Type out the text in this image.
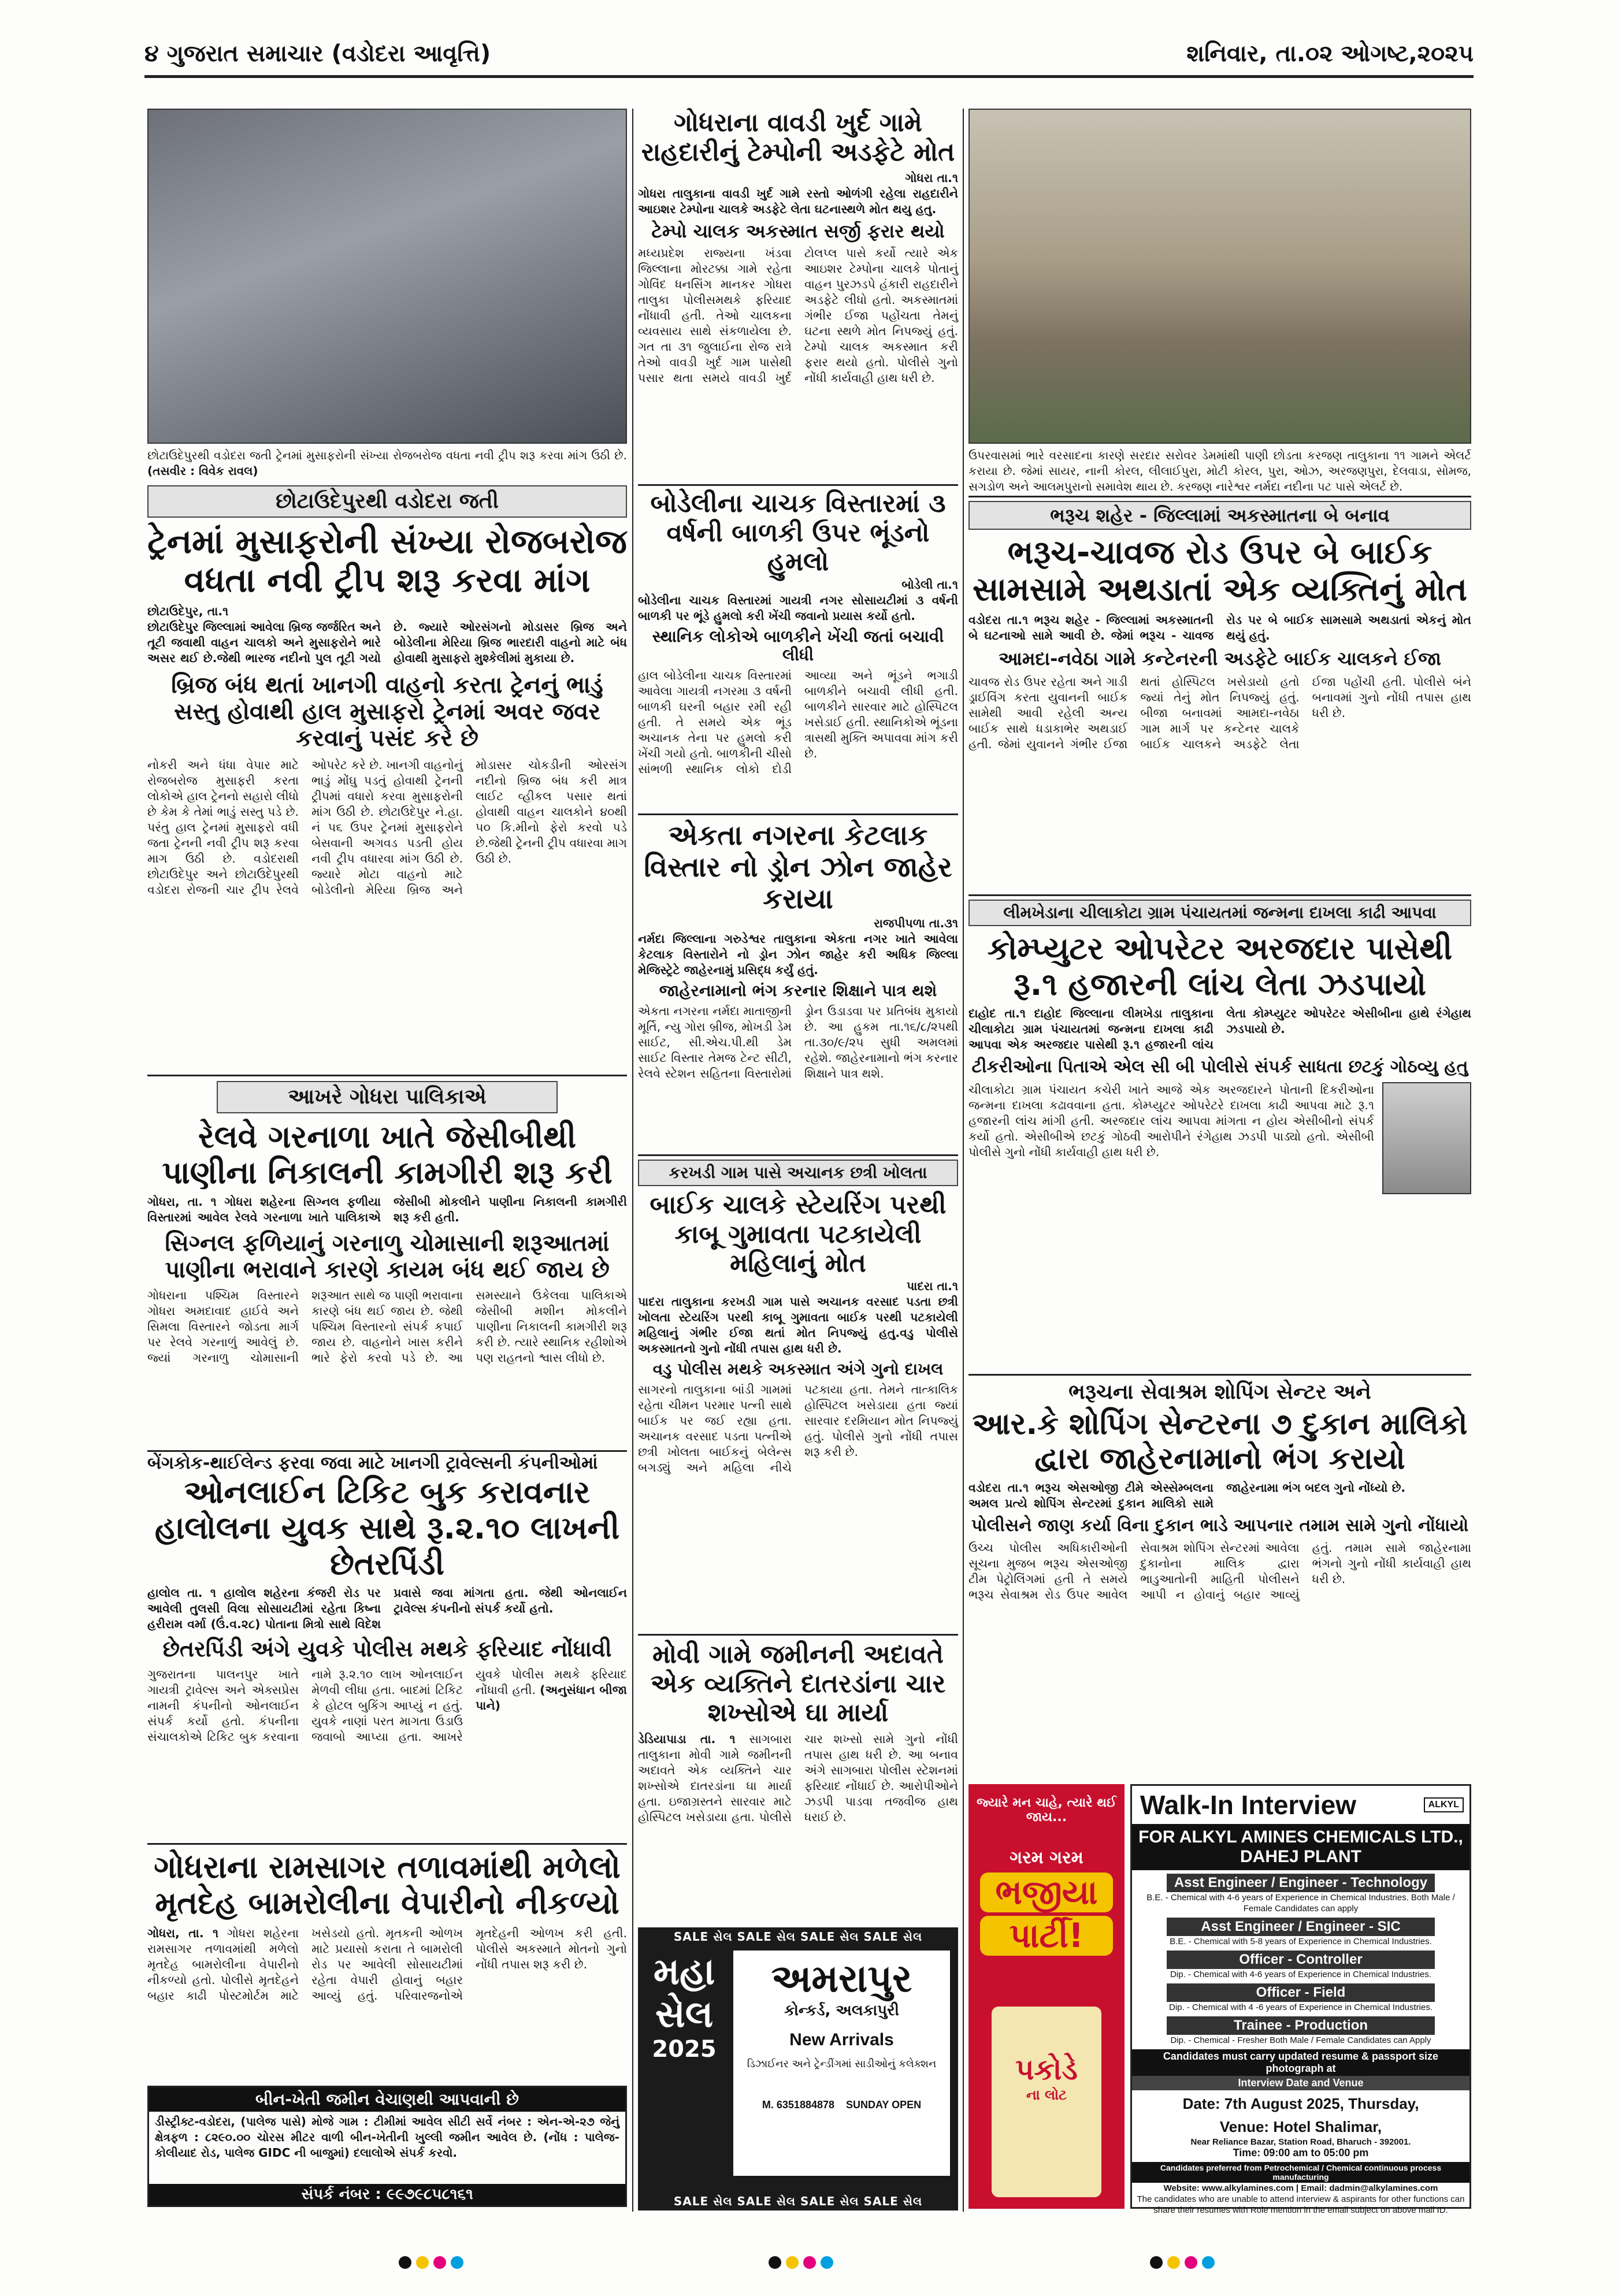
૪ ગુજરાત સમાચાર (વડોદરા આવૃત્તિ)	શનિવાર, તા.૦૨ ઓગષ્ટ,૨૦૨૫
છોટાઉદેપુરથી વડોદરા જતી ટ્રેનમાં મુસાફરોની સંખ્યા રોજબરોજ વધતા નવી ટ્રીપ શરૂ કરવા માંગ ઉઠી છે. (તસવીર : વિવેક રાવલ)
છોટાઉદેપુરથી વડોદરા જતી
ટ્રેનમાં મુસાફરોની સંખ્યા રોજબરોજ વધતા નવી ટ્રીપ શરૂ કરવા માંગ
છોટાઉદેપુર, તા.૧
છોટાઉદેપુર જિલ્લામાં આવેલા બ્રિજ જર્જરિત અને તૂટી જવાથી વાહન ચાલકો અને મુસાફરોને ભારે અસર થઈ છે.જેથી ભારજ નદીનો પુલ તૂટી ગયો છે. જ્યારે ઓરસંગનો મોડાસર બ્રિજ અને બોડેલીના મેરિયા બ્રિજ ભારદારી વાહનો માટે બંધ હોવાથી મુસાફરો મુશ્કેલીમાં મુકાયા છે.
બ્રિજ બંધ થતાં ખાનગી વાહનો કરતા ટ્રેનનું ભાડું સસ્તુ હોવાથી હાલ મુસાફરો ટ્રેનમાં અવર જવર કરવાનું પસંદ કરે છે
નોકરી અને ધંધા વેપાર માટે રોજબરોજ મુસાફરી કરતા લોકોએ હાલ ટ્રેનનો સહારો લીધો છે કેમ કે તેમાં ભાડું સસ્તુ પડે છે. પરંતુ હાલ ટ્રેનમાં મુસાફરો વધી જતા ટ્રેનની નવી ટ્રીપ શરૂ કરવા માગ ઉઠી છે. વડોદરાથી છોટાઉદેપુર અને છોટાઉદેપુરથી વડોદરા રોજની ચાર ટ્રીપ રેલવે ઓપરેટ કરે છે. ખાનગી વાહનોનું ભાડું મોંઘુ પડતું હોવાથી ટ્રેનની ટ્રીપમાં વધારો કરવા મુસાફરોની માંગ ઉઠી છે. છોટાઉદેપુર ને.હા. નં ૫૬ ઉપર ટ્રેનમાં મુસાફરોને બેસવાની અગવડ પડતી હોય નવી ટ્રીપ વધારવા માંગ ઉઠી છે. જ્યારે મોટા વાહનો માટે બોડેલીનો મેરિયા બ્રિજ અને મોડાસર ચોકડીની ઓરસંગ નદીનો બ્રિજ બંધ કરી માત્ર લાઈટ વ્હીકલ પસાર થતાં હોવાથી વાહન ચાલકોને ૪૦થી ૫૦ કિ.મીનો ફેરો કરવો પડે છે.જેથી ટ્રેનની ટ્રીપ વધારવા માગ ઉઠી છે.
આખરે ગોધરા પાલિકાએ
રેલવે ગરનાળા ખાતે જેસીબીથી પાણીના નિકાલની કામગીરી શરૂ કરી
ગોધરા, તા. ૧ ગોધરા શહેરના સિગ્નલ ફળીયા વિસ્તારમાં આવેલ રેલવે ગરનાળા ખાતે પાલિકાએ જેસીબી મોકલીને પાણીના નિકાલની કામગીરી શરૂ કરી હતી.
સિગ્નલ ફળિયાનું ગરનાળુ ચોમાસાની શરૂઆતમાં પાણીના ભરાવાને કારણે કાયમ બંધ થઈ જાય છે
ગોધરાના પશ્ચિમ વિસ્તારને ગોધરા અમદાવાદ હાઈવે અને સિમલા વિસ્તારને જોડતા માર્ગ પર રેલવે ગરનાળું આવેલું છે. જ્યાં ગરનાળુ ચોમાસાની શરૂઆત સાથે જ પાણી ભરાવાના કારણે બંધ થઈ જાય છે. જેથી પશ્ચિમ વિસ્તારનો સંપર્ક કપાઈ જાય છે. વાહનોને ખાસ કરીને ભારે ફેરો કરવો પડે છે. આ સમસ્યાને ઉકેલવા પાલિકાએ જેસીબી મશીન મોકલીને પાણીના નિકાલની કામગીરી શરૂ કરી છે. ત્યારે સ્થાનિક રહીશોએ પણ રાહતનો શ્વાસ લીધો છે.
બેંગકોક-થાઈલેન્ડ ફરવા જવા માટે ખાનગી ટ્રાવેલ્સની કંપનીઓમાં
ઓનલાઈન ટિકિટ બુક કરાવનાર હાલોલના યુવક સાથે રૂ.૨.૧૦ લાખની છેતરપિંડી
હાલોલ તા. ૧ હાલોલ શહેરના કંજરી રોડ પર આવેલી તુલસી વિલા સોસાયટીમાં રહેતા કિષ્ના હરીરામ વર્મા (ઉં.વ.૨૮) પોતાના મિત્રો સાથે વિદેશ પ્રવાસે જવા માંગતા હતા. જેથી ઓનલાઈન ટ્રાવેલ્સ કંપનીનો સંપર્ક કર્યો હતો.
છેતરપિંડી અંગે યુવકે પોલીસ મથકે ફરિયાદ નોંધાવી
ગુજરાતના પાલનપુર ખાતે ગાયત્રી ટ્રાવેલ્સ અને એક્સપ્રેસ નામની કંપનીનો ઓનલાઈન સંપર્ક કર્યો હતો. કંપનીના સંચાલકોએ ટિકિટ બુક કરવાના નામે રૂ.૨.૧૦ લાખ ઓનલાઈન મેળવી લીધા હતા. બાદમાં ટિકિટ કે હોટલ બુકિંગ આપ્યું ન હતું. યુવકે નાણાં પરત માગતા ઉડાઉ જવાબો આપ્યા હતા. આખરે યુવકે પોલીસ મથકે ફરિયાદ નોંધાવી હતી. (અનુસંધાન બીજા પાને)
ગોધરાના રામસાગર તળાવમાંથી મળેલો મૃતદેહ બામરોલીના વેપારીનો નીકળ્યો
ગોધરા, તા. ૧ ગોધરા શહેરના રામસાગર તળાવમાંથી મળેલો મૃતદેહ બામરોલીના વેપારીનો નીકળ્યો હતો. પોલીસે મૃતદેહને બહાર કાઢી પોસ્ટમોર્ટમ માટે ખસેડયો હતો. મૃતકની ઓળખ માટે પ્રયાસો કરાતા તે બામરોલી રોડ પર આવેલી સોસાયટીમાં રહેતા વેપારી હોવાનું બહાર આવ્યું હતું. પરિવારજનોએ મૃતદેહની ઓળખ કરી હતી. પોલીસે અકસ્માતે મોતનો ગુનો નોંધી તપાસ શરૂ કરી છે.
બીન-ખેતી જમીન વેચાણથી આપવાની છે
ડીસ્ટ્રીક્ટ-વડોદરા, (પાલેજ પાસે) મોજે ગામ : ટીમીમાં આવેલ સીટી સર્વે નંબર : એન-એ-૨૭ જેનું ક્ષેત્રફળ : ૮૨૯૦.૦૦ ચોરસ મીટર વાળી બીન-ખેતીની ખુલ્લી જમીન આવેલ છે. (નોંધ : પાલેજ-કોલીયાદ રોડ, પાલેજ GIDC ની બાજુમાં) દલાલોએ સંપર્ક કરવો.
સંપર્ક નંબર : ૯૯૭૯૮૫૮૧૬૧
ગોધરાના વાવડી ખુર્દ ગામે રાહદારીનું ટેમ્પોની અડફેટે મોત
ગોધરા તા.૧
ગોધરા તાલુકાના વાવડી ખુર્દ ગામે રસ્તો ઓળંગી રહેલા રાહદારીને આઇશર ટેમ્પોના ચાલકે અડફેટે લેતા ઘટનાસ્થળે મોત થયુ હતુ.
ટેમ્પો ચાલક અકસ્માત સર્જી ફરાર થયો
મધ્યપ્રદેશ રાજ્યના ખંડવા જિલ્લાના મોરટક્કા ગામે રહેતા ગોવિંદ ધનસિંગ માનકર ગોધરા તાલુકા પોલીસમથકે ફરિયાદ નોંધાવી હતી. તેઓ ચાલકના વ્યવસાય સાથે સંકળાયેલા છે. ગત તા ૩૧ જુલાઈના રોજ રાત્રે તેઓ વાવડી ખુર્દ ગામ પાસેથી પસાર થતા સમયે વાવડી ખુર્દ ટોલપ્લ પાસે કર્યો ત્યારે એક આઇશર ટેમ્પોના ચાલકે પોતાનું વાહન પુરઝડપે હંકારી રાહદારીને અડફેટે લીધો હતો. અકસ્માતમાં ગંભીર ઈજા પહોંચતા તેમનું ઘટના સ્થળે મોત નિપજ્યું હતું. ટેમ્પો ચાલક અકસ્માત કરી ફરાર થયો હતો. પોલીસે ગુનો નોંધી કાર્યવાહી હાથ ધરી છે.
બોડેલીના ચાચક વિસ્તારમાં ૩ વર્ષની બાળકી ઉપર ભૂંડનો હુમલો
બોડેલી તા.૧
બોડેલીના ચાચક વિસ્તારમાં ગાયત્રી નગર સોસાયટીમાં ૩ વર્ષની બાળકી પર ભૂંડે હુમલો કરી ખેંચી જવાનો પ્રયાસ કર્યો હતો.
સ્થાનિક લોકોએ બાળકીને ખેંચી જતાં બચાવી લીધી
હાલ બોડેલીના ચાચક વિસ્તારમાં આવેલા ગાયત્રી નગરમા ૩ વર્ષની બાળકી ઘરની બહાર રમી રહી હતી. તે સમયે એક ભૂંડ અચાનક તેના પર હુમલો કરી ખેંચી ગયો હતો. બાળકીની ચીસો સાંભળી સ્થાનિક લોકો દોડી આવ્યા અને ભૂંડને ભગાડી બાળકીને બચાવી લીધી હતી. બાળકીને સારવાર માટે હોસ્પિટલ ખસેડાઈ હતી. સ્થાનિકોએ ભૂંડના ત્રાસથી મુક્તિ અપાવવા માંગ કરી છે.
એકતા નગરના કેટલાક વિસ્તાર નો ડ્રોન ઝોન જાહેર કરાયા
રાજપીપળા તા.૩૧
નર્મદા જિલ્લાના ગરુડેશ્વર તાલુકાના એકતા નગર ખાતે આવેલા કેટલાક વિસ્તારોને નો ડ્રોન ઝોન જાહેર કરી અધિક જિલ્લા મેજિસ્ટ્રેટે જાહેરનામું પ્રસિદ્ધ કર્યું હતું.
જાહેરનામાનો ભંગ કરનાર શિક્ષાને પાત્ર થશે
એકતા નગરના નર્મદા માતાજીની મૂર્તિ, ન્યુ ગોરા બ્રીજ, મોખડી ડેમ સાઈટ, સી.એચ.પી.થી ડેમ સાઈટ વિસ્તાર તેમજ ટેન્ટ સીટી, રેલવે સ્ટેશન સહિતના વિસ્તારોમાં ડ્રોન ઉડાડવા પર પ્રતિબંધ મુકાયો છે. આ હુકમ તા.૧૬/૮/૨૫થી તા.૩૦/૯/૨૫ સુધી અમલમાં રહેશે. જાહેરનામાનો ભંગ કરનાર શિક્ષાને પાત્ર થશે.
કરખડી ગામ પાસે અચાનક છત્રી ખોલતા
બાઈક ચાલકે સ્ટેયરિંગ પરથી કાબૂ ગુમાવતા પટકાયેલી મહિલાનું મોત
પાદરા તા.૧
પાદરા તાલુકાના કરખડી ગામ પાસે અચાનક વરસાદ પડતા છત્રી ખોલતા સ્ટેયરિંગ પરથી કાબૂ ગુમાવતા બાઈક પરથી પટકાયેલી મહિલાનું ગંભીર ઈજા થતાં મોત નિપજ્યું હતુ.વડુ પોલીસે અકસ્માતનો ગુનો નોંધી તપાસ હાથ ધરી છે.
વડુ પોલીસ મથકે અકસ્માત અંગે ગુનો દાખલ
સાગરનો તાલુકાના બાંડી ગામમાં રહેતા ચીમન પરમાર પત્ની સાથે બાઈક પર જઈ રહ્યા હતા. અચાનક વરસાદ પડતા પત્નીએ છત્રી ખોલતા બાઈકનું બેલેન્સ બગડ્યું અને મહિલા નીચે પટકાયા હતા. તેમને તાત્કાલિક હોસ્પિટલ ખસેડાયા હતા જ્યાં સારવાર દરમિયાન મોત નિપજ્યું હતું. પોલીસે ગુનો નોંધી તપાસ શરૂ કરી છે.
મોવી ગામે જમીનની અદાવતે એક વ્યક્તિને દાતરડાંના ચાર શખ્સોએ ઘા માર્યા
ડેડિયાપાડા તા. ૧ સાગબારા તાલુકાના મોવી ગામે જમીનની અદાવતે એક વ્યક્તિને ચાર શખ્સોએ દાતરડાંના ઘા માર્યા હતા. ઇજાગ્રસ્તને સારવાર માટે હોસ્પિટલ ખસેડાયા હતા. પોલીસે ચાર શખ્સો સામે ગુનો નોંધી તપાસ હાથ ધરી છે. આ બનાવ અંગે સાગબારા પોલીસ સ્ટેશનમાં ફરિયાદ નોંધાઈ છે. આરોપીઓને ઝડપી પાડવા તજવીજ હાથ ધરાઈ છે.
SALE સેલ SALE સેલ SALE સેલ SALE સેલ
મહા
સેલ
2025
અમરાપુર
કોન્કર્ડ, અલકાપુરી
New Arrivals
ડિઝાઈનર અને ટ્રેન્ડીંગમાં સાડીઓનું કલેક્શન
M. 6351884878 SUNDAY OPEN
SALE સેલ SALE સેલ SALE સેલ SALE સેલ
ઉપરવાસમાં ભારે વરસાદના કારણે સરદાર સરોવર ડેમમાંથી પાણી છોડતા કરજણ તાલુકાના ૧૧ ગામને એલર્ટ કરાયા છે. જેમાં સાયર, નાની કોરલ, લીલાઈપુરા, મોટી કોરલ, પુરા, ઓઝ, અરજણપુરા, દેલવાડા, સોમજ, સગડોળ અને આલમપુરાનો સમાવેશ થાય છે. કરજણ નારેશ્વર નર્મદા નદીના પટ પાસે એલર્ટ છે.
ભરૂચ શહેર - જિલ્લામાં અકસ્માતના બે બનાવ
ભરૂચ-ચાવજ રોડ ઉપર બે બાઈક સામસામે અથડાતાં એક વ્યક્તિનું મોત
વડોદરા તા.૧ ભરૂચ શહેર - જિલ્લામાં અકસ્માતની બે ઘટનાઓ સામે આવી છે. જેમાં ભરૂચ - ચાવજ રોડ પર બે બાઈક સામસામે અથડાતાં એકનું મોત થયું હતું.
આમદા-નવેઠા ગામે કન્ટેનરની અડફેટે બાઈક ચાલકને ઈજા
ચાવજ રોડ ઉપર રહેતા અને ગાડી ડ્રાઈવિંગ કરતા યુવાનની બાઈક સામેથી આવી રહેલી અન્ય બાઈક સાથે ધડાકાભેર અથડાઈ હતી. જેમાં યુવાનને ગંભીર ઈજા થતાં હોસ્પિટલ ખસેડાયો હતો જ્યાં તેનું મોત નિપજ્યું હતું. બીજા બનાવમાં આમદા-નવેઠા ગામ માર્ગ પર કન્ટેનર ચાલકે બાઈક ચાલકને અડફેટે લેતા ઈજા પહોંચી હતી. પોલીસે બંને બનાવમાં ગુનો નોંધી તપાસ હાથ ધરી છે.
લીમખેડાના ચીલાકોટા ગ્રામ પંચાયતમાં જન્મના દાખલા કાઢી આપવા
કોમ્પ્યુટર ઓપરેટર અરજદાર પાસેથી રૂ.૧ હજારની લાંચ લેતા ઝડપાયો
દાહોદ તા.૧ દાહોદ જિલ્લાના લીમખેડા તાલુકાના ચીલાકોટા ગ્રામ પંચાયતમાં જન્મના દાખલા કાઢી આપવા એક અરજદાર પાસેથી રૂ.૧ હજારની લાંચ લેતા કોમ્પ્યુટર ઓપરેટર એસીબીના હાથે રંગેહાથ ઝડપાયો છે.
ટીકરીઓના પિતાએ એલ સી બી પોલીસે સંપર્ક સાધતા છટકું ગોઠવ્યુ હતુ
ચીલાકોટા ગ્રામ પંચાયત કચેરી ખાતે આજે એક અરજદારને પોતાની દિકરીઓના જન્મના દાખલા કઢાવવાના હતા. કોમ્પ્યુટર ઓપરેટરે દાખલા કાઢી આપવા માટે રૂ.૧ હજારની લાંચ માંગી હતી. અરજદાર લાંચ આપવા માંગતા ન હોય એસીબીનો સંપર્ક કર્યો હતો. એસીબીએ છટકું ગોઠવી આરોપીને રંગેહાથ ઝડપી પાડ્યો હતો. એસીબી પોલીસે ગુનો નોંધી કાર્યવાહી હાથ ધરી છે.
ભરૂચના સેવાશ્રમ શોપિંગ સેન્ટર અને
આર.કે શોપિંગ સેન્ટરના ૭ દુકાન માલિકો દ્વારા જાહેરનામાનો ભંગ કરાયો
વડોદરા તા.૧ ભરૂચ એસઓજી ટીમે એસ્સેમ્બલના અમલ પ્રત્યે શોપિંગ સેન્ટરમાં દુકાન માલિકો સામે જાહેરનામા ભંગ બદલ ગુનો નોંધ્યો છે.
પોલીસને જાણ કર્યા વિના દુકાન ભાડે આપનાર તમામ સામે ગુનો નોંધાયો
ઉચ્ચ પોલીસ અધિકારીઓની સૂચના મુજબ ભરૂચ એસઓજી ટીમ પેટ્રોલિંગમાં હતી તે સમયે ભરૂચ સેવાશ્રમ રોડ ઉપર આવેલ સેવાશ્રમ શોપિંગ સેન્ટરમાં આવેલા દુકાનોના માલિક દ્વારા ભાડુઆતોની માહિતી પોલીસને આપી ન હોવાનું બહાર આવ્યું હતું. તમામ સામે જાહેરનામા ભંગનો ગુનો નોંધી કાર્યવાહી હાથ ધરી છે.
જ્યારે મન ચાહે, ત્યારે થઈ જાય...
ગરમ ગરમ
ભજીયા
પાર્ટી!
પકોડે
ના લોટ
Walk-In Interview	ALKYL
FOR ALKYL AMINES CHEMICALS LTD., DAHEJ PLANT
Asst Engineer / Engineer - Technology
B.E. - Chemical with 4-6 years of Experience in Chemical Industries. Both Male / Female Candidates can apply
Asst Engineer / Engineer - SIC
B.E. - Chemical with 5-8 years of Experience in Chemical Industries.
Officer - Controller
Dip. - Chemical with 4-6 years of Experience in Chemical Industries.
Officer - Field
Dip. - Chemical with 4 -6 years of Experience in Chemical Industries.
Trainee - Production
Dip. - Chemical - Fresher Both Male / Female Candidates can Apply
Candidates must carry updated resume & passport size photograph at
Interview Date and Venue
Date: 7th August 2025, Thursday,
Venue: Hotel Shalimar,
Near Reliance Bazar, Station Road, Bharuch - 392001.
Time: 09:00 am to 05:00 pm
Candidates preferred from Petrochemical / Chemical continuous process manufacturing
Website: www.alkylamines.com | Email: dadmin@alkylamines.com
The candidates who are unable to attend interview & aspirants for other functions can share their resumes with Role mention in the email subject on above mail ID.
